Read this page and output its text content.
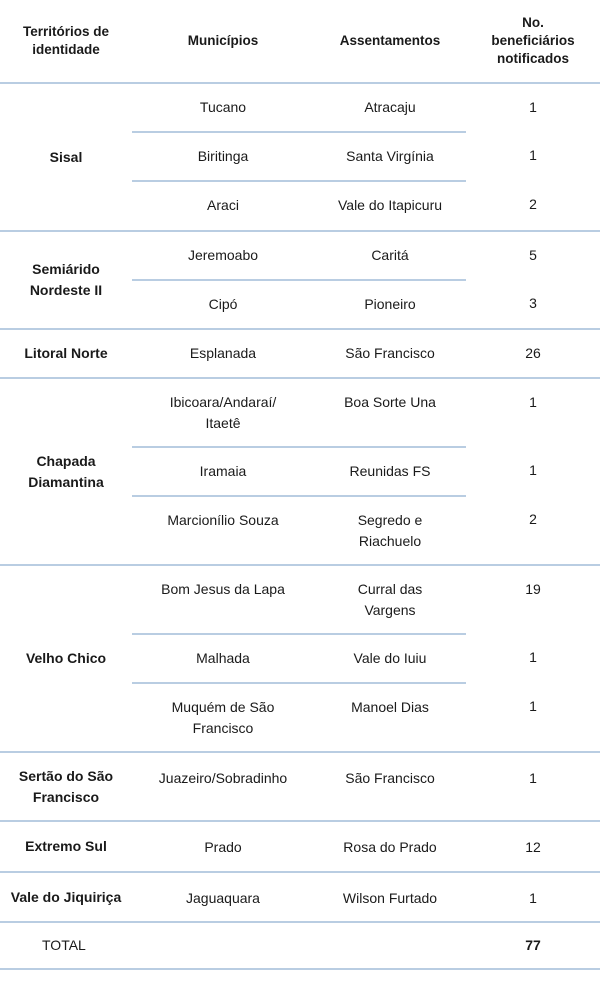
Territórios de identidade	Municípios	Assentamentos	No. beneficiários notificados
Sisal	Tucano	Atracaju	1
	Biritinga	Santa Virgínia	1
	Araci	Vale do Itapicuru	2
Semiárido Nordeste II	Jeremoabo	Caritá	5
	Cipó	Pioneiro	3
Litoral Norte	Esplanada	São Francisco	26
Chapada Diamantina	Ibicoara/Andaraí/ Itaetê	Boa Sorte Una	1
	Iramaia	Reunidas FS	1
	Marcionílio Souza	Segredo e Riachuelo	2
Velho Chico	Bom Jesus da Lapa	Curral das Vargens	19
	Malhada	Vale do Iuiu	1
	Muquém de São Francisco	Manoel Dias	1
Sertão do São Francisco	Juazeiro/Sobradinho	São Francisco	1
Extremo Sul	Prado	Rosa do Prado	12
Vale do Jiquiriça	Jaguaquara	Wilson Furtado	1
TOTAL			77
